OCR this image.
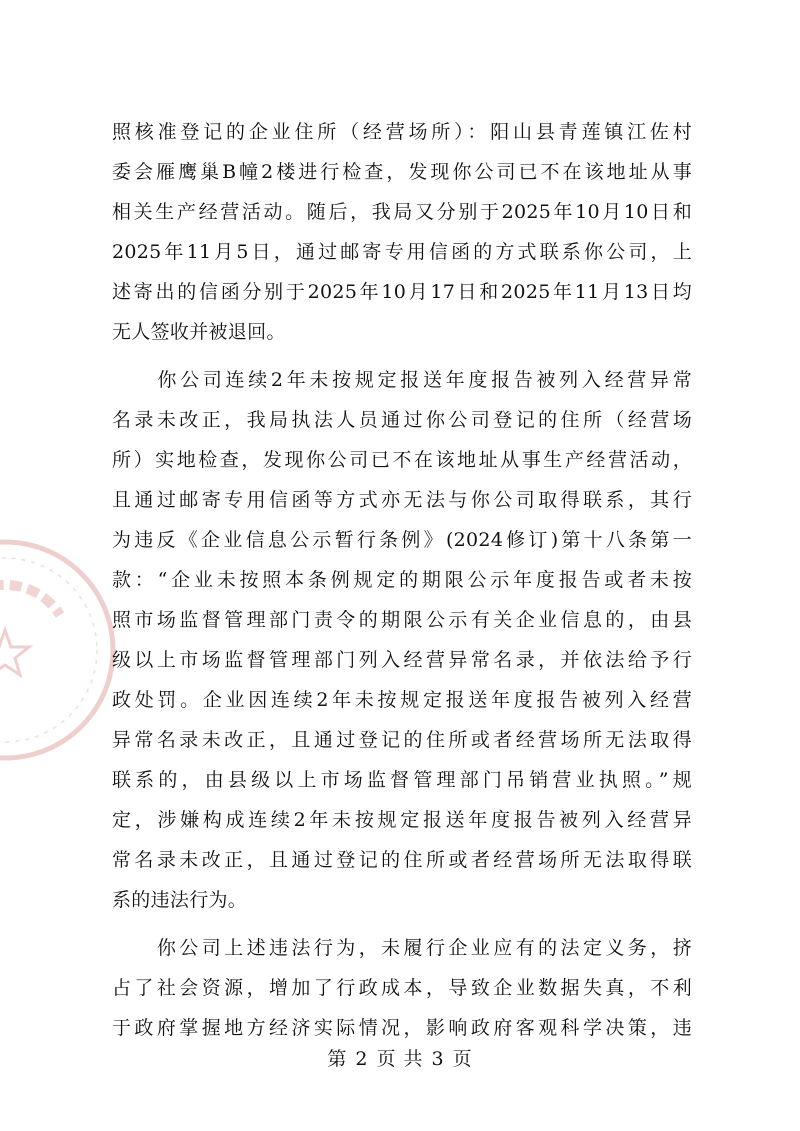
照核准登记的企业住所（经营场所）：阳山县青莲镇江佐村
委会雁鹰巢B幢2楼进行检查，发现你公司已不在该地址从事
相关生产经营活动。随后，我局又分别于2025年10月10日和
2025年11月5日，通过邮寄专用信函的方式联系你公司，上
述寄出的信函分别于2025年10月17日和2025年11月13日均
无人签收并被退回。
　　你公司连续2年未按规定报送年度报告被列入经营异常
名录未改正，我局执法人员通过你公司登记的住所（经营场
所）实地检查，发现你公司已不在该地址从事生产经营活动，
且通过邮寄专用信函等方式亦无法与你公司取得联系，其行
为违反《企业信息公示暂行条例》(2024修订)第十八条第一
款：“企业未按照本条例规定的期限公示年度报告或者未按
照市场监督管理部门责令的期限公示有关企业信息的，由县
级以上市场监督管理部门列入经营异常名录，并依法给予行
政处罚。企业因连续2年未按规定报送年度报告被列入经营
异常名录未改正，且通过登记的住所或者经营场所无法取得
联系的，由县级以上市场监督管理部门吊销营业执照。”规
定，涉嫌构成连续2年未按规定报送年度报告被列入经营异
常名录未改正，且通过登记的住所或者经营场所无法取得联
系的违法行为。
　　你公司上述违法行为，未履行企业应有的法定义务，挤
占了社会资源，增加了行政成本，导致企业数据失真，不利
于政府掌握地方经济实际情况，影响政府客观科学决策，违
第 2 页 共 3 页
